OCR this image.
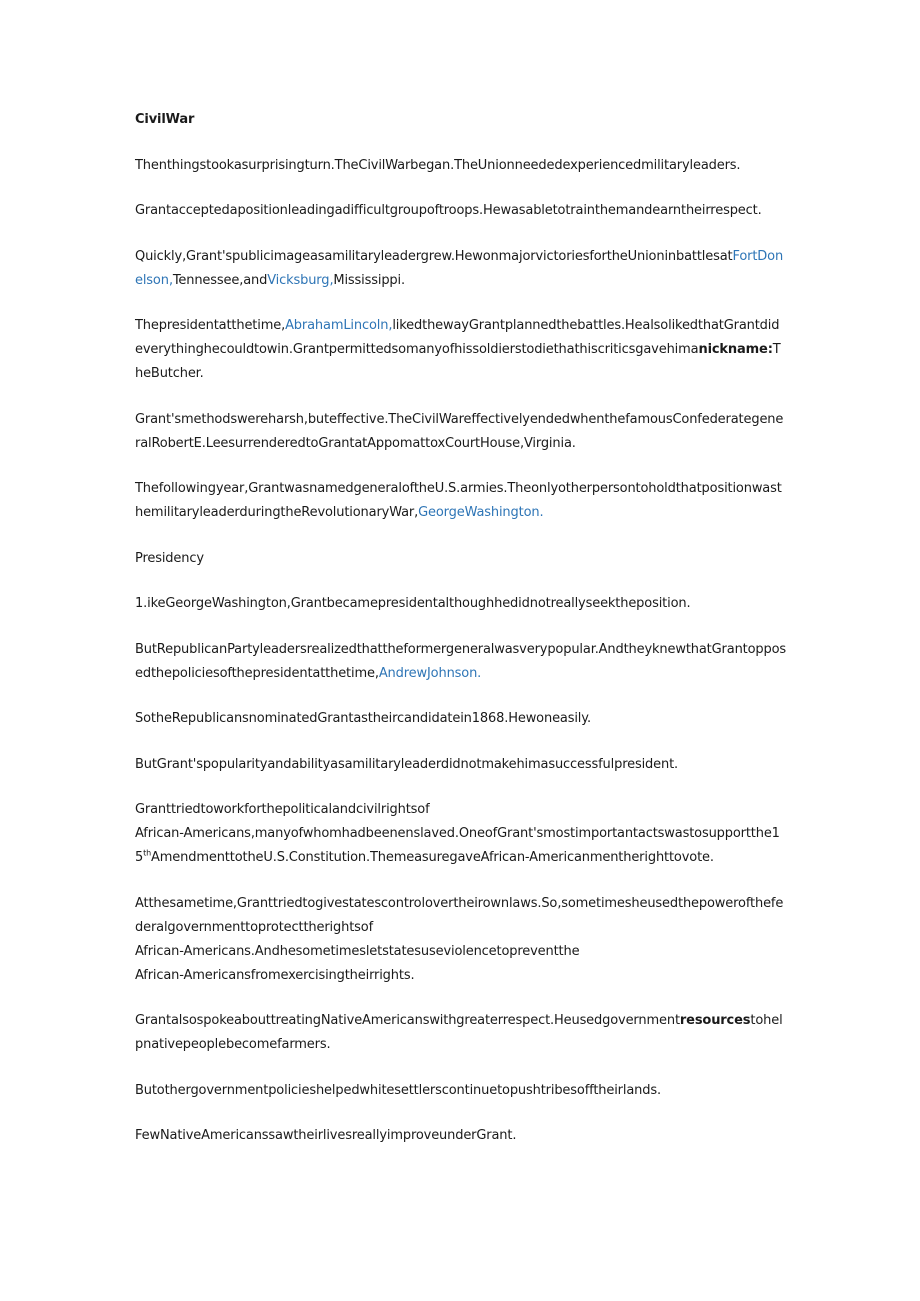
CivilWar

Thenthingstookasurprisingturn.TheCivilWarbegan.TheUnionneededexperiencedmilitaryleaders.

Grantacceptedapositionleadingadifficultgroupoftroops.Hewasabletotrainthemandearntheirrespect.

Quickly‚Grant'spublicimageasamilitaryleadergrew.HewonmajorvictoriesfortheUnioninbattlesatFortDonelson‚Tennessee,andVicksburg‚Mississippi.

Thepresidentatthetime,AbrahamLincoln,likedthewayGrantplannedthebattles.HealsolikedthatGrantdideverythinghecouldtowin.Grantpermittedsomanyofhissoldierstodiethathiscriticsgavehimanickname:TheButcher.

Grant'smethodswereharsh,buteffective.TheCivilWareffectivelyendedwhenthefamousConfederategeneralRobertE.LeesurrenderedtoGrantatAppomattoxCourtHouse,Virginia.

Thefollowingyear,GrantwasnamedgeneraloftheU.S.armies.TheonlyotherpersontoholdthatpositionwasthemilitaryleaderduringtheRevolutionaryWar,GeorgeWashington.

Presidency

1.ikeGeorgeWashington,Grantbecamepresidentalthoughhedidnotreallyseektheposition.

ButRepublicanPartyleadersrealizedthattheformergeneralwasverypopular.AndtheyknewthatGrantopposedthepoliciesofthepresidentatthetime,AndrewJohnson.

SotheRepublicansnominatedGrantastheircandidatein1868.Hewoneasily.

ButGrant'spopularityandabilityasamilitaryleaderdidnotmakehimasuccessfulpresident.

Granttriedtoworkforthepoliticalandcivilrightsof
African-Americans‚manyofwhomhadbeenenslaved.OneofGrant'smostimportantactswastosupportthe15thAmendmenttotheU.S.Constitution.ThemeasuregaveAfrican-Americanmentherighttovote.

Atthesametime,Granttriedtogivestatescontrolovertheirownlaws.So‚sometimesheusedthepowerofthefederalgovernmenttoprotecttherightsof
African-Americans.Andhesometimesletstatesuseviolencetopreventthe
African-Americansfromexercisingtheirrights.

GrantalsospokeabouttreatingNativeAmericanswithgreaterrespect.Heusedgovernmentresourcestohelpnativepeoplebecomefarmers.

Butothergovernmentpolicieshelpedwhitesettlerscontinuetopushtribesofftheirlands.

FewNativeAmericanssawtheirlivesreallyimproveunderGrant.
